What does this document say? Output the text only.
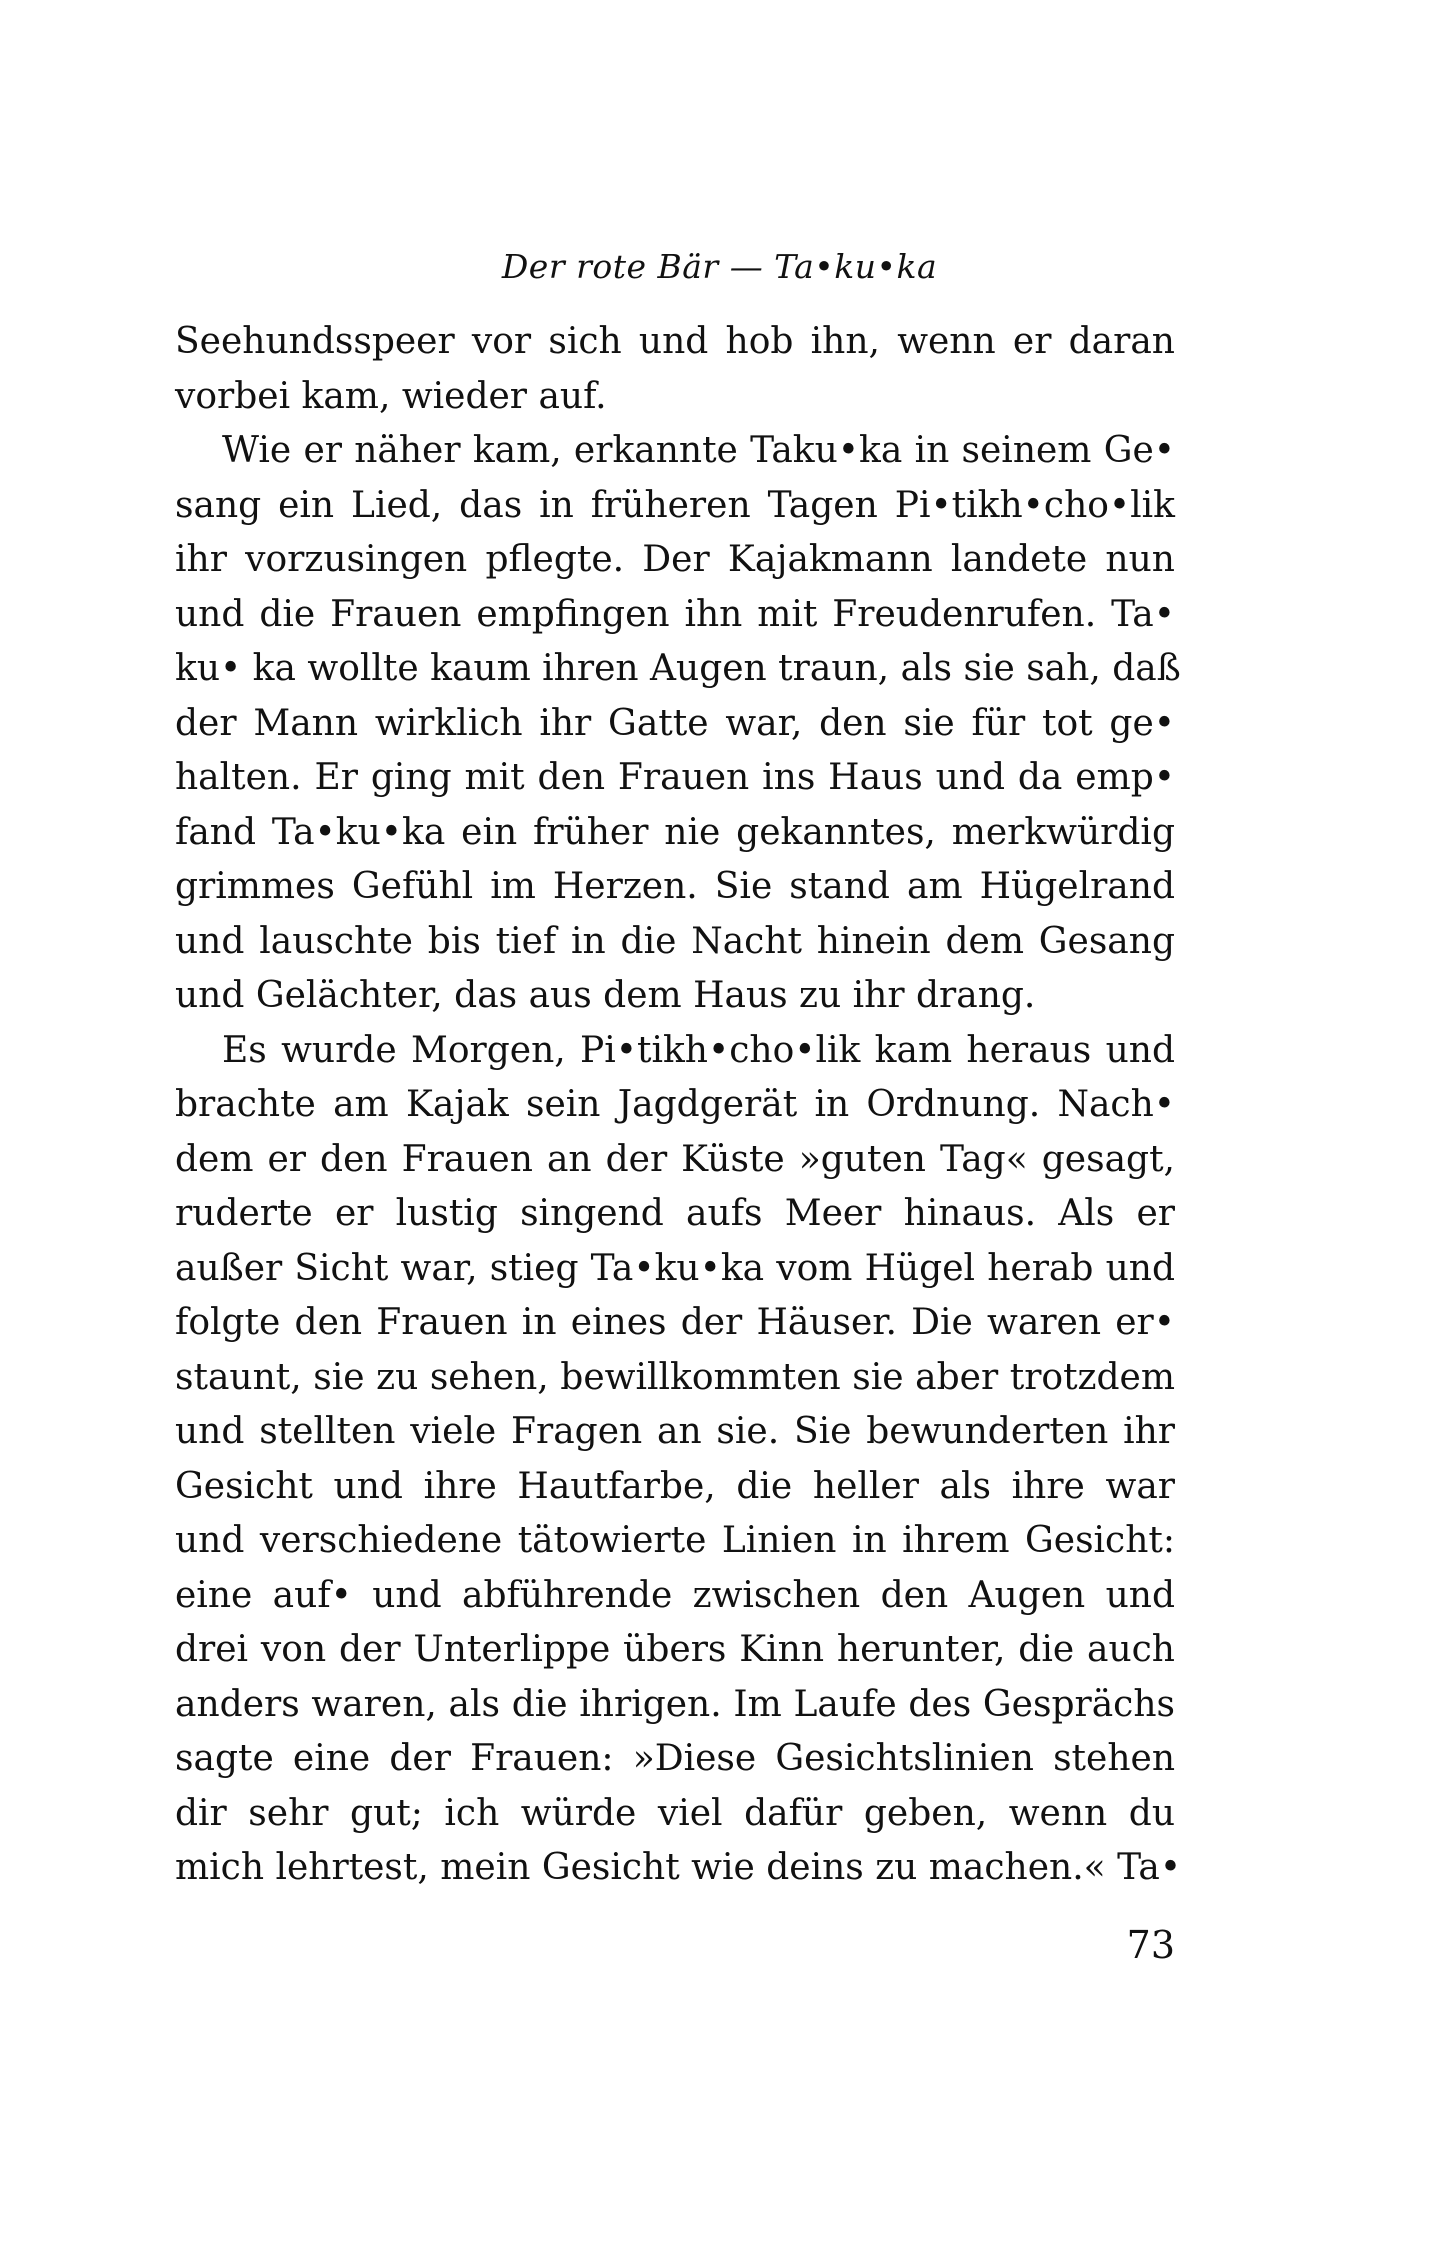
Der rote Bär — Ta•ku•ka
Seehundsspeer vor sich und hob ihn, wenn er daran
vorbei kam, wieder auf.
Wie er näher kam, erkannte Taku•ka in seinem Ge•
sang ein Lied, das in früheren Tagen Pi•tikh•cho•lik
ihr vorzusingen pflegte. Der Kajakmann landete nun
und die Frauen empfingen ihn mit Freudenrufen. Ta•
ku• ka wollte kaum ihren Augen traun, als sie sah, daß
der Mann wirklich ihr Gatte war, den sie für tot ge•
halten. Er ging mit den Frauen ins Haus und da emp•
fand Ta•ku•ka ein früher nie gekanntes, merkwürdig
grimmes Gefühl im Herzen. Sie stand am Hügelrand
und lauschte bis tief in die Nacht hinein dem Gesang
und Gelächter, das aus dem Haus zu ihr drang.
Es wurde Morgen, Pi•tikh•cho•lik kam heraus und
brachte am Kajak sein Jagdgerät in Ordnung. Nach•
dem er den Frauen an der Küste »guten Tag« gesagt,
ruderte er lustig singend aufs Meer hinaus. Als er
außer Sicht war, stieg Ta•ku•ka vom Hügel herab und
folgte den Frauen in eines der Häuser. Die waren er•
staunt, sie zu sehen, bewillkommten sie aber trotzdem
und stellten viele Fragen an sie. Sie bewunderten ihr
Gesicht und ihre Hautfarbe, die heller als ihre war
und verschiedene tätowierte Linien in ihrem Gesicht:
eine auf• und abführende zwischen den Augen und
drei von der Unterlippe übers Kinn herunter, die auch
anders waren, als die ihrigen. Im Laufe des Gesprächs
sagte eine der Frauen: »Diese Gesichtslinien stehen
dir sehr gut; ich würde viel dafür geben, wenn du
mich lehrtest, mein Gesicht wie deins zu machen.« Ta•
73
